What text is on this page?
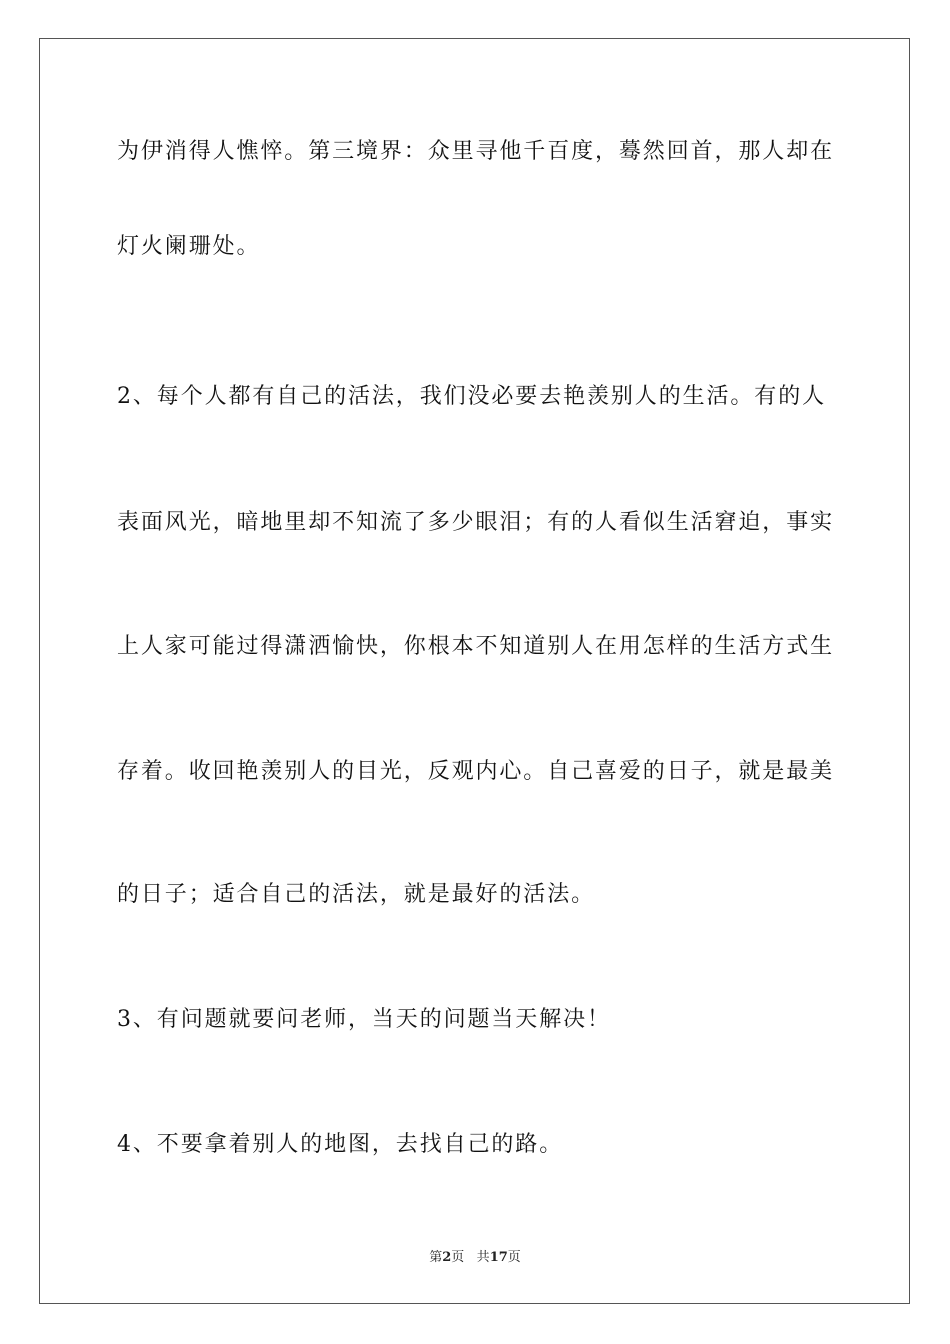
为伊消得人憔悴。第三境界：众里寻他千百度，蓦然回首，那人却在
灯火阑珊处。
2、每个人都有自己的活法，我们没必要去艳羡别人的生活。有的人
表面风光，暗地里却不知流了多少眼泪；有的人看似生活窘迫，事实
上人家可能过得潇洒愉快，你根本不知道别人在用怎样的生活方式生
存着。收回艳羡别人的目光，反观内心。自己喜爱的日子，就是最美
的日子；适合自己的活法，就是最好的活法。
3、有问题就要问老师，当天的问题当天解决！
4、不要拿着别人的地图，去找自己的路。
第2页 共17页
